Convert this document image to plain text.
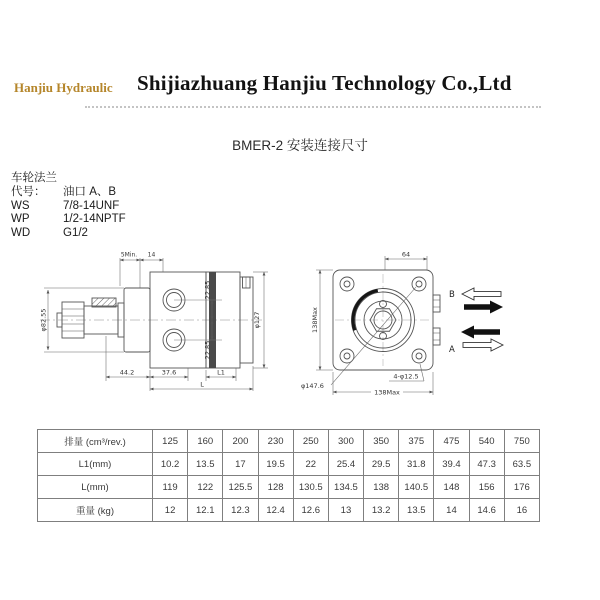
Hanjiu Hydraulic Shijiazhuang Hanjiu Technology Co.,Ltd
BMER-2 安装连接尺寸
车轮法兰
代号：	油口 A、B
WS	7/8-14UNF
WP	1/2-14NPTF
WD	G1/2
5Min. 14
φ82.55
22.85
22.85
φ127
44.2	37.6	L1
L
64
138Max
138Max
φ147.6
4-φ12.5
B
A
排量 (cm³/rev.)	125	160	200	230	250	300	350	375	475	540	750
L1(mm)	10.2	13.5	17	19.5	22	25.4	29.5	31.8	39.4	47.3	63.5
L(mm)	119	122	125.5	128	130.5	134.5	138	140.5	148	156	176
重量 (kg)	12	12.1	12.3	12.4	12.6	13	13.2	13.5	14	14.6	16
